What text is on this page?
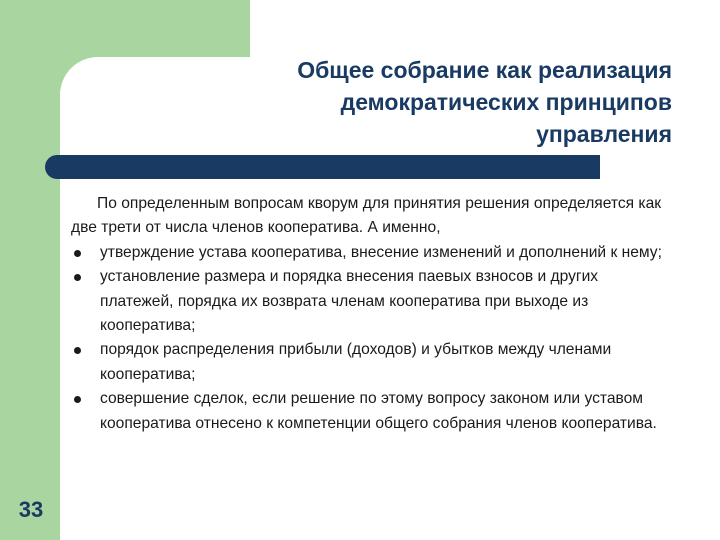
Общее собрание как реализация
демократических принципов
управления

По определенным вопросам кворум для принятия решения определяется как две трети от числа членов кооператива. А именно,

утверждение устава кооператива, внесение изменений и дополнений к нему;
установление размера и порядка внесения паевых взносов и других платежей, порядка их возврата членам кооператива при выходе из кооператива;
порядок распределения прибыли (доходов) и убытков между членами кооператива;
совершение сделок, если решение по этому вопросу законом или уставом кооператива отнесено к компетенции общего собрания членов кооператива.
33
